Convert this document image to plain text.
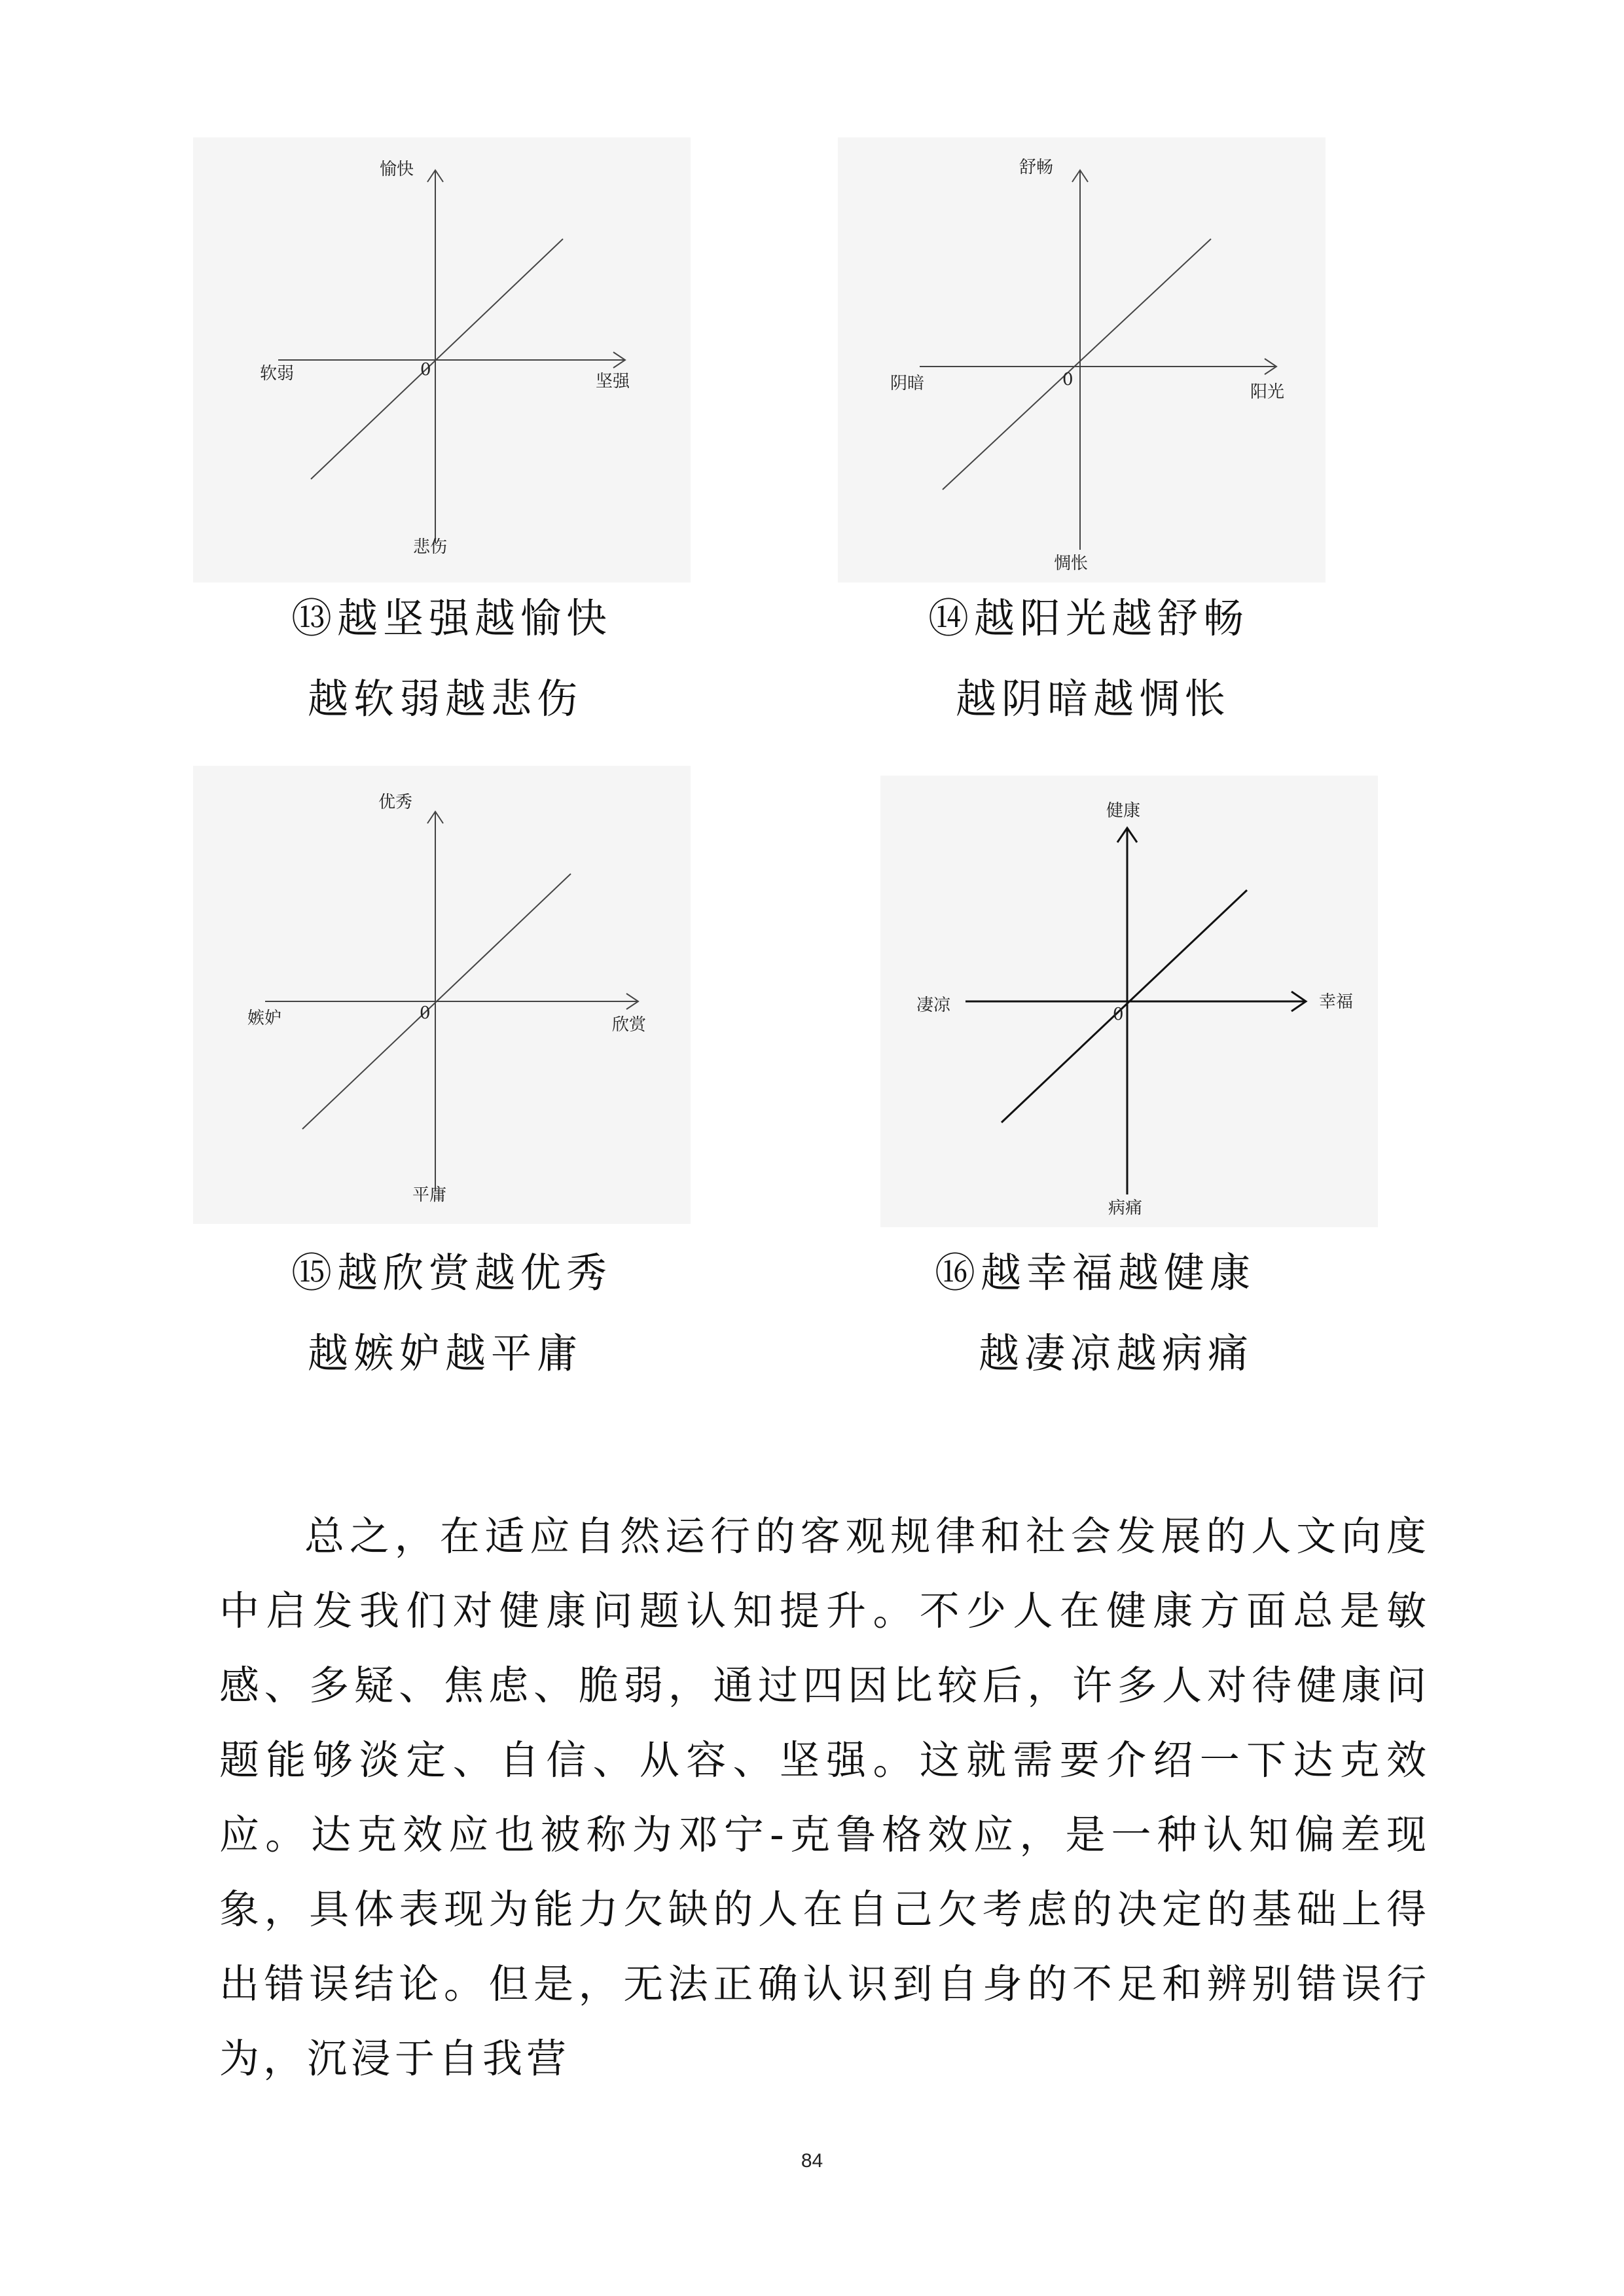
愉快
悲伤
软弱	坚强
0
⑬越坚强越愉快
越软弱越悲伤
舒畅
惆怅
阴暗	阳光
0
⑭越阳光越舒畅
越阴暗越惆怅
优秀
平庸
嫉妒	欣赏
0
⑮越欣赏越优秀
越嫉妒越平庸
健康
病痛
凄凉	幸福
0
⑯越幸福越健康
越凄凉越病痛

总之，在适应自然运行的客观规律和社会发展的人文向度中启发我们对健康问题认知提升。不少人在健康方面总是敏感、多疑、焦虑、脆弱，通过四因比较后，许多人对待健康问题能够淡定、自信、从容、坚强。这就需要介绍一下达克效应。达克效应也被称为邓宁-克鲁格效应，是一种认知偏差现象，具体表现为能力欠缺的人在自己欠考虑的决定的基础上得出错误结论。但是，无法正确认识到自身的不足和辨别错误行为，沉浸于自我营

84
